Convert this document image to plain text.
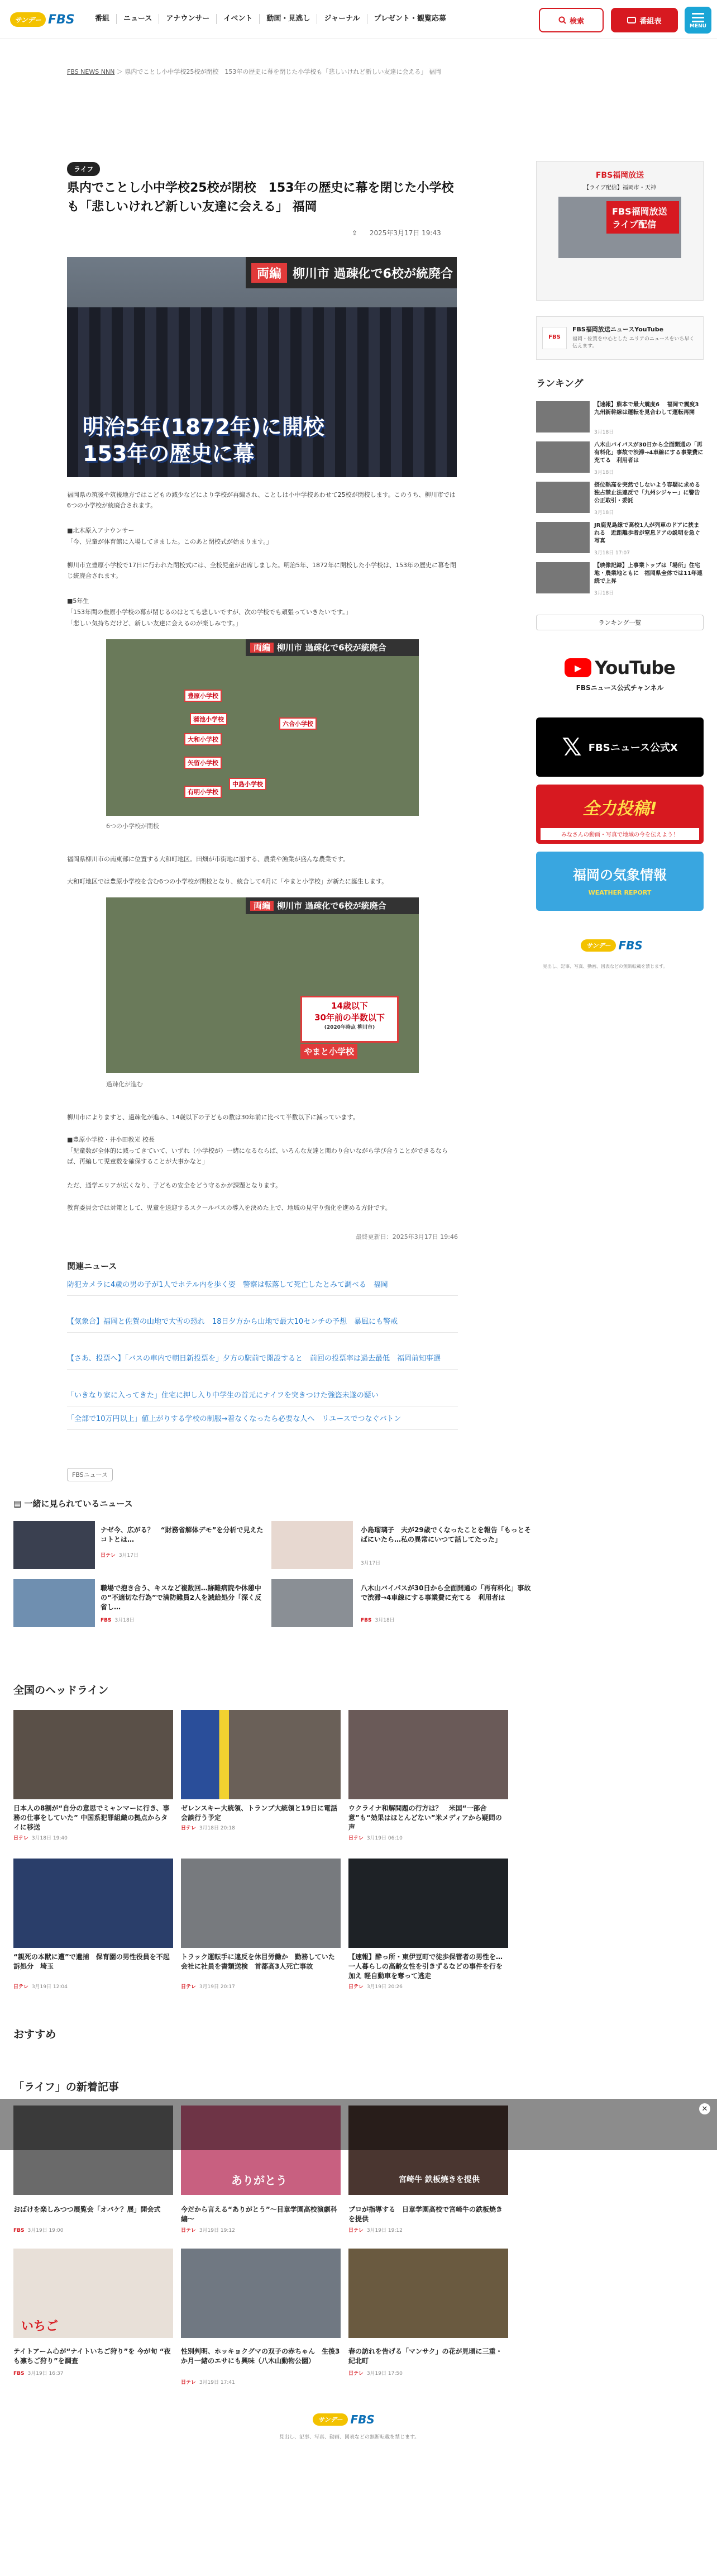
サンデー FBS	番組	ニュース	アナウンサー	イベント	動画・見逃し	ジャーナル	プレゼント・観覧応募	検索	番組表
MENU
FBS NEWS NNN ＞ 県内でことし小中学校25校が閉校　153年の歴史に幕を閉じた小学校も「悲しいけれど新しい友達に会える」 福岡
ライフ
県内でことし小中学校25校が閉校　153年の歴史に幕を閉じた小学校も「悲しいけれど新しい友達に会える」 福岡
⇪ 2025年3月17日 19:43
両編 柳川市 過疎化で6校が統廃合
明治5年(1872年)に開校
153年の歴史に幕
福岡県の筑後や筑後地方ではこどもの減少などにより学校が再編され、ことしは小中学校あわせて25校が閉校します。このうち、柳川市では6つの小学校が統廃合されます。
■北木原入アナウンサー
「今、児童が体育館に入場してきました。このあと閉校式が始まります。」
柳川市立豊原小学校で17日に行われた閉校式には、全校児童が出席しました。明治5年、1872年に開校した小学校は、153年の歴史に幕を閉じ統廃合されます。
■5年生
「153年間の豊原小学校の幕が閉じるのはとても悲しいですが、次の学校でも頑張っていきたいです。」
「悲しい気持ちだけど、新しい友達に会えるのが楽しみです。」
両編 柳川市 過疎化で6校が統廃合
豊原小学校
蒲池小学校
大和小学校
六合小学校
矢留小学校
中島小学校
有明小学校
6つの小学校が閉校
福岡県柳川市の南東部に位置する大和町地区。田畑が市街地に面する、農業や漁業が盛んな農業です。
大和町地区では豊原小学校を含む6つの小学校が閉校となり、統合して4月に「やまと小学校」が新たに誕生します。
両編 柳川市 過疎化で6校が統廃合
14歳以下
30年前の半数以下
(2020年時点 柳川市)
やまと小学校
過疎化が進む
柳川市によりますと、過疎化が進み、14歳以下の子どもの数は30年前に比べて半数以下に減っています。
■豊原小学校・井小田教光 校長
「児童数が全体的に減ってきていて、いずれ（小学校が）一緒になるならば、いろんな友達と関わり合いながら学び合うことができるならば、再編して児童数を確保することが大事かなと」
ただ、通学エリアが広くなり、子どもの安全をどう守るかが課題となります。
教育委員会では対策として、児童を送迎するスクールバスの導入を決めた上で、地域の見守り強化を進める方針です。
最終更新日：2025年3月17日 19:46
関連ニュース
防犯カメラに4歳の男の子が1人でホテル内を歩く姿　警察は転落して死亡したとみて調べる　福岡
【気象合】福岡と佐賀の山地で大雪の恐れ　18日夕方から山地で最大10センチの予想　暴風にも警戒
【さあ、投票へ】「バスの車内で朝日新投票を」夕方の駅前で開設すると　前回の投票率は過去最低　福岡前知事選
「いきなり家に入ってきた」住宅に押し入り中学生の首元にナイフを突きつけた強盗未遂の疑い
「全部で10万円以上」値上がりする学校の制服→着なくなったら必要な人へ　リユースでつなぐバトン
FBSニュース
▤ 一緒に見られているニュース
ナゼ今、広がる？　“財務省解体デモ”を分析で見えたコトとは…
日テレ 3月17日
小島瑠璃子　夫が29歳でくなったことを報告「もっとそばにいたら…私の異常にいつて話してたった」
3月17日
職場で抱き合う、キスなど複数回…跡難病院や休憩中の“不適切な行為”で満防難員2人を減給処分「深く反省し…
FBS 3月18日
八木山バイパスが30日から全面開通の「再有料化」事故で渋滞→4車線にする事業費に充てる　利用者は
FBS 3月18日
全国のヘッドライン
日本人の8割が“自分の意思でミャンマーに行き、事務の仕事をしていた” 中国系犯罪組織の拠点からタイに移送
日テレ 3月18日 19:40
ゼレンスキー大統領、トランプ大統領と19日に電話会談行う予定
日テレ 3月18日 20:18
ウクライナ和解問題の行方は？　米国“一部合意”も“効果はほとんどない”米メディアから疑問の声
日テレ 3月19日 06:10
“親死の本獣に遭”で遺捕　保育園の男性役員を不起訴処分　埼玉
日テレ 3月19日 12:04
トラック運転手に違反を休目労働か　勤務していた会社に社員を書類送検　首都高3人死亡事故
日テレ 3月19日 20:17
【速報】酔っ所・東伊豆町で徒歩保管者の男性を…一人暮らしの高齢女性を引きずるなどの事件を行を加え 軽自動車を奪って逃走
日テレ 3月19日 20:26
おすすめ
「ライフ」の新着記事
おばけを楽しみつつ展覧会「オバケ？展」開会式
FBS 3月19日 19:00
ありがとう
今だから言える“ありがとう”～目章学園高校演劇科編～
日テレ 3月19日 19:12
宮崎牛 鉄板焼きを提供
プロが指導する　日章学園高校で宮崎牛の鉄板焼きを提供
日テレ 3月19日 19:12
いちご
テイトアーム心が“ナイトいちご狩り”を 今が旬 “夜も凛ちご狩り”を調査
FBS 3月19日 16:37
性別判明、ホッキョクグマの双子の赤ちゃん　生後3か月一緒のエサにも興味（八木山動物公園）
日テレ 3月19日 17:41
春の訪れを告げる「マンサク」の花が見頃に三重・紀北町
日テレ 3月19日 17:50
サンデー FBS
見出し、記事、写真、動画、図表などの無断転載を禁じます。
FBS福岡放送
【ライブ配信】福岡市・天神
FBS福岡放送 ライブ配信
FBS
FBS福岡放送ニュースYouTube
福岡・佐賀を中心とした エリアのニュースをいち早く伝えます。
ランキング
【速報】熊本で最大震度6 　福岡で震度3　九州新幹線は運転を見合わして運転再開
3月18日
八木山バイパスが30日から全面開通の「再有料化」事故で渋滞→4車線にする事業費に充てる　利用者は
3月18日
摂位熱高を突然でしないよう容疑に求める　独占禁止法違反で「九州シジャー」に警告　公正取引・委託
3月18日
JR鹿児島線で高校1人が列車のドアに挟まれる　近距離歩者が窒息ドアの説明を急ぐ写真
3月18日 17:07
【映像記録】上事業トップは「場所」住宅地・農業地ともに　福岡県全体では11年連続で上昇
3月18日
ランキング一覧
▶ YouTube
FBSニュース公式チャンネル
𝕏 FBSニュース公式X
全力投稿!
みなさんの動画・写真で地域の今を伝えよう！
福岡の気象情報
WEATHER REPORT
サンデー FBS
見出し、記事、写真、動画、図表などの無断転載を禁じます。
✕
